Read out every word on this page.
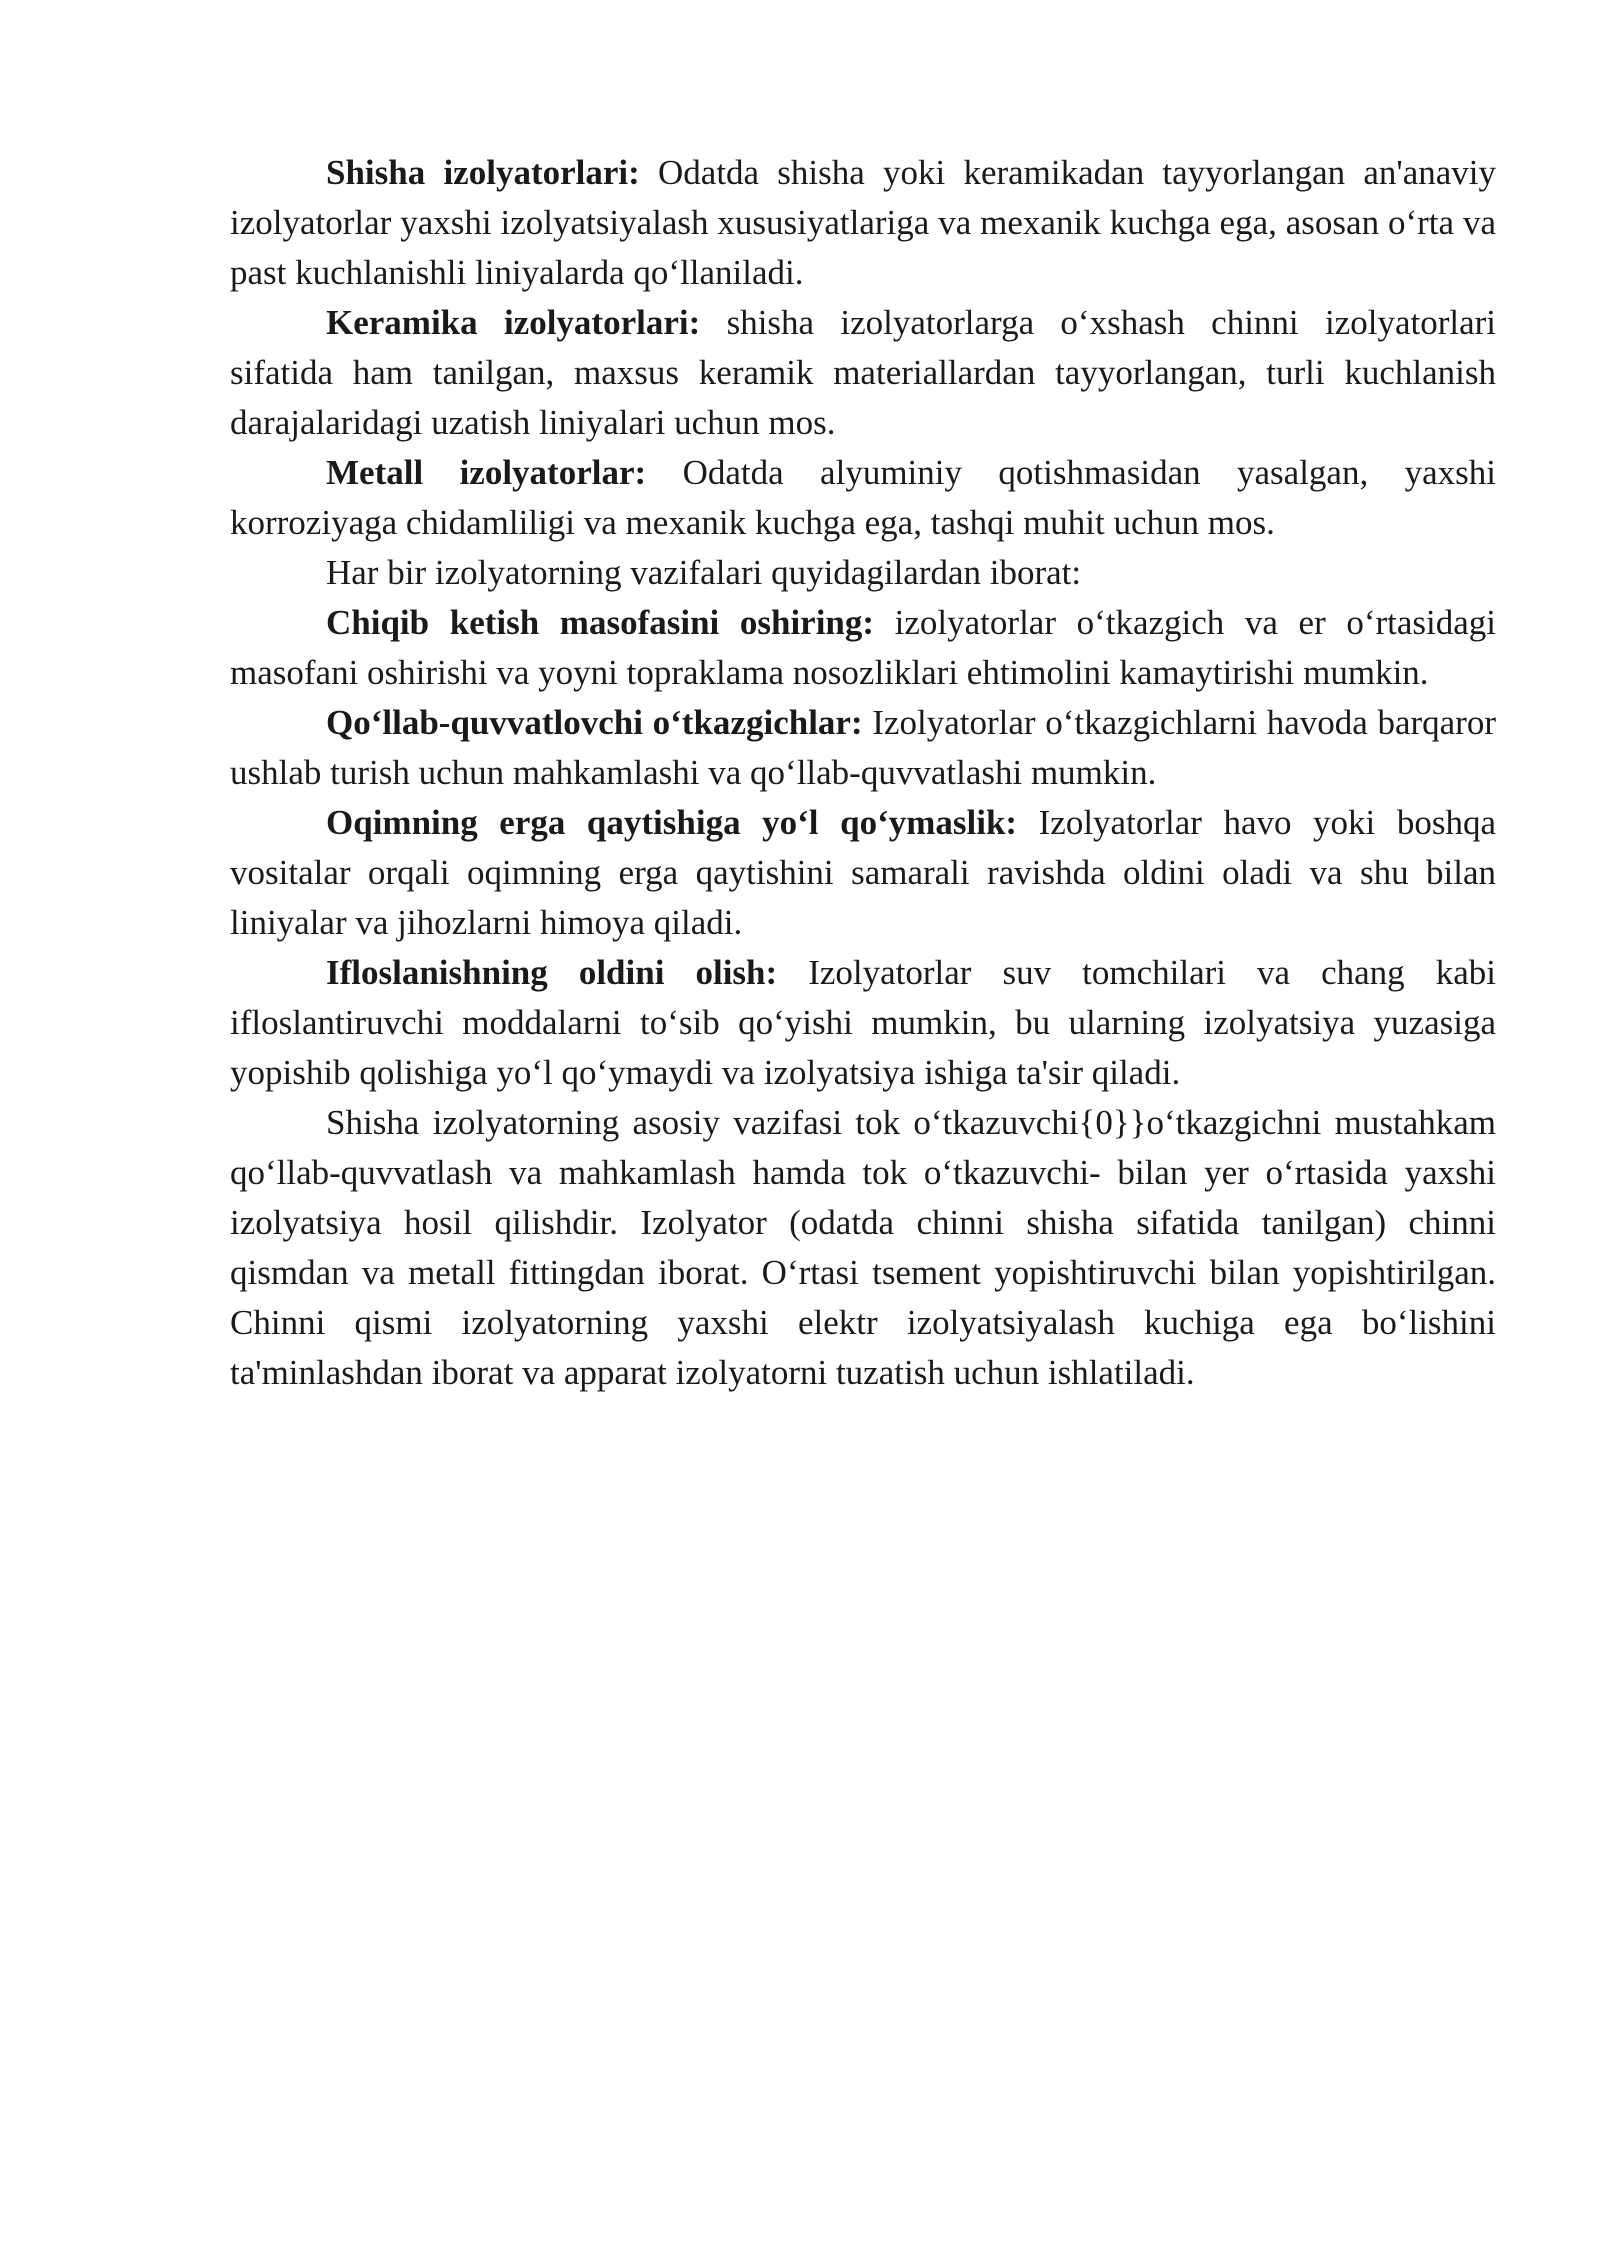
Shisha izolyatorlari: Odatda shisha yoki keramikadan tayyorlangan an'anaviy izolyatorlar yaxshi izolyatsiyalash xususiyatlariga va mexanik kuchga ega, asosan o‘rta va past kuchlanishli liniyalarda qo‘llaniladi.

Keramika izolyatorlari: shisha izolyatorlarga o‘xshash chinni izolyatorlari sifatida ham tanilgan, maxsus keramik materiallardan tayyorlangan, turli kuchlanish darajalaridagi uzatish liniyalari uchun mos.

Metall izolyatorlar: Odatda alyuminiy qotishmasidan yasalgan, yaxshi korroziyaga chidamliligi va mexanik kuchga ega, tashqi muhit uchun mos.

Har bir izolyatorning vazifalari quyidagilardan iborat:

Chiqib ketish masofasini oshiring: izolyatorlar o‘tkazgich va er o‘rtasidagi masofani oshirishi va yoyni topraklama nosozliklari ehtimolini kamaytirishi mumkin.

Qo‘llab-quvvatlovchi o‘tkazgichlar: Izolyatorlar o‘tkazgichlarni havoda barqaror ushlab turish uchun mahkamlashi va qo‘llab-quvvatlashi mumkin.

Oqimning erga qaytishiga yo‘l qo‘ymaslik: Izolyatorlar havo yoki boshqa vositalar orqali oqimning erga qaytishini samarali ravishda oldini oladi va shu bilan liniyalar va jihozlarni himoya qiladi.

Ifloslanishning oldini olish: Izolyatorlar suv tomchilari va chang kabi ifloslantiruvchi moddalarni to‘sib qo‘yishi mumkin, bu ularning izolyatsiya yuzasiga yopishib qolishiga yo‘l qo‘ymaydi va izolyatsiya ishiga ta'sir qiladi.

Shisha izolyatorning asosiy vazifasi tok o‘tkazuvchi{0}}o‘tkazgichni mustahkam qo‘llab-quvvatlash va mahkamlash hamda tok o‘tkazuvchi- bilan yer o‘rtasida yaxshi izolyatsiya hosil qilishdir. Izolyator (odatda chinni shisha sifatida tanilgan) chinni qismdan va metall fittingdan iborat. O‘rtasi tsement yopishtiruvchi bilan yopishtirilgan. Chinni qismi izolyatorning yaxshi elektr izolyatsiyalash kuchiga ega bo‘lishini ta'minlashdan iborat va apparat izolyatorni tuzatish uchun ishlatiladi.
